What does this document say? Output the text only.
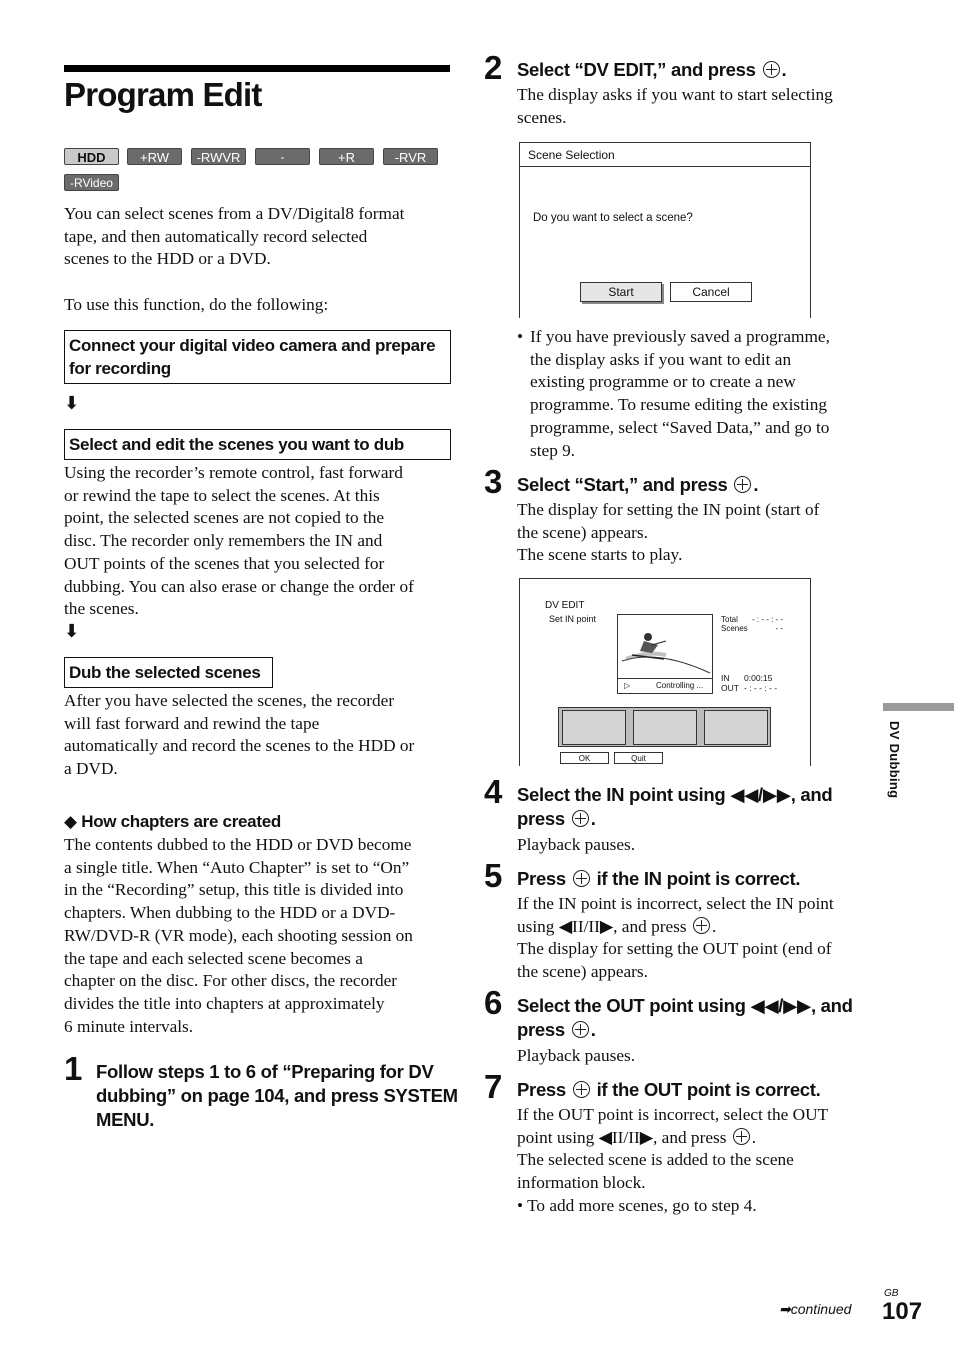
Program Edit
HDD	+RW	-RWVR	-RWVideo
+R	-RVR
-RVideo
You can select scenes from a DV/Digital8 format
tape, and then automatically record selected
scenes to the HDD or a DVD.
To use this function, do the following:
Connect your digital video camera and prepare
for recording
⬇
Select and edit the scenes you want to dub
Using the recorder’s remote control, fast forward
or rewind the tape to select the scenes. At this
point, the selected scenes are not copied to the
disc. The recorder only remembers the IN and
OUT points of the scenes that you selected for
dubbing. You can also erase or change the order of
the scenes.
⬇
Dub the selected scenes
After you have selected the scenes, the recorder
will fast forward and rewind the tape
automatically and record the scenes to the HDD or
a DVD.
◆ How chapters are created
The contents dubbed to the HDD or DVD become
a single title. When “Auto Chapter” is set to “On”
in the “Recording” setup, this title is divided into
chapters. When dubbing to the HDD or a DVD-
RW/DVD-R (VR mode), each shooting session on
the tape and each selected scene becomes a
chapter on the disc. For other discs, the recorder
divides the title into chapters at approximately
6 minute intervals.
1 Follow steps 1 to 6 of “Preparing for DV
dubbing” on page 104, and press SYSTEM
MENU.
2 Select “DV EDIT,” and press .
The display asks if you want to start selecting
scenes.
Scene Selection
Do you want to select a scene?
Start	Cancel
• If you have previously saved a programme,
the display asks if you want to edit an
existing programme or to create a new
programme. To resume editing the existing
programme, select “Saved Data,” and go to
step 9.
3 Select “Start,” and press .
The display for setting the IN point (start of
the scene) appears.
The scene starts to play.
DV EDIT
Set IN point
▷	Controlling ...
Total
Scenes
- : - - : - -
- -
IN
OUT
0:00:15
- : - - : - -
OK	Quit
4 Select the IN point using ◀◀/▶▶, and
press .
Playback pauses.
5 Press if the IN point is correct.
If the IN point is incorrect, select the IN point
using ◀II/II▶, and press .
The display for setting the OUT point (end of
the scene) appears.
6 Select the OUT point using ◀◀/▶▶, and
press .
Playback pauses.
7 Press if the OUT point is correct.
If the OUT point is incorrect, select the OUT
point using ◀II/II▶, and press .
The selected scene is added to the scene
information block.
• To add more scenes, go to step 4.
DV Dubbing
➡continued
GB
107
